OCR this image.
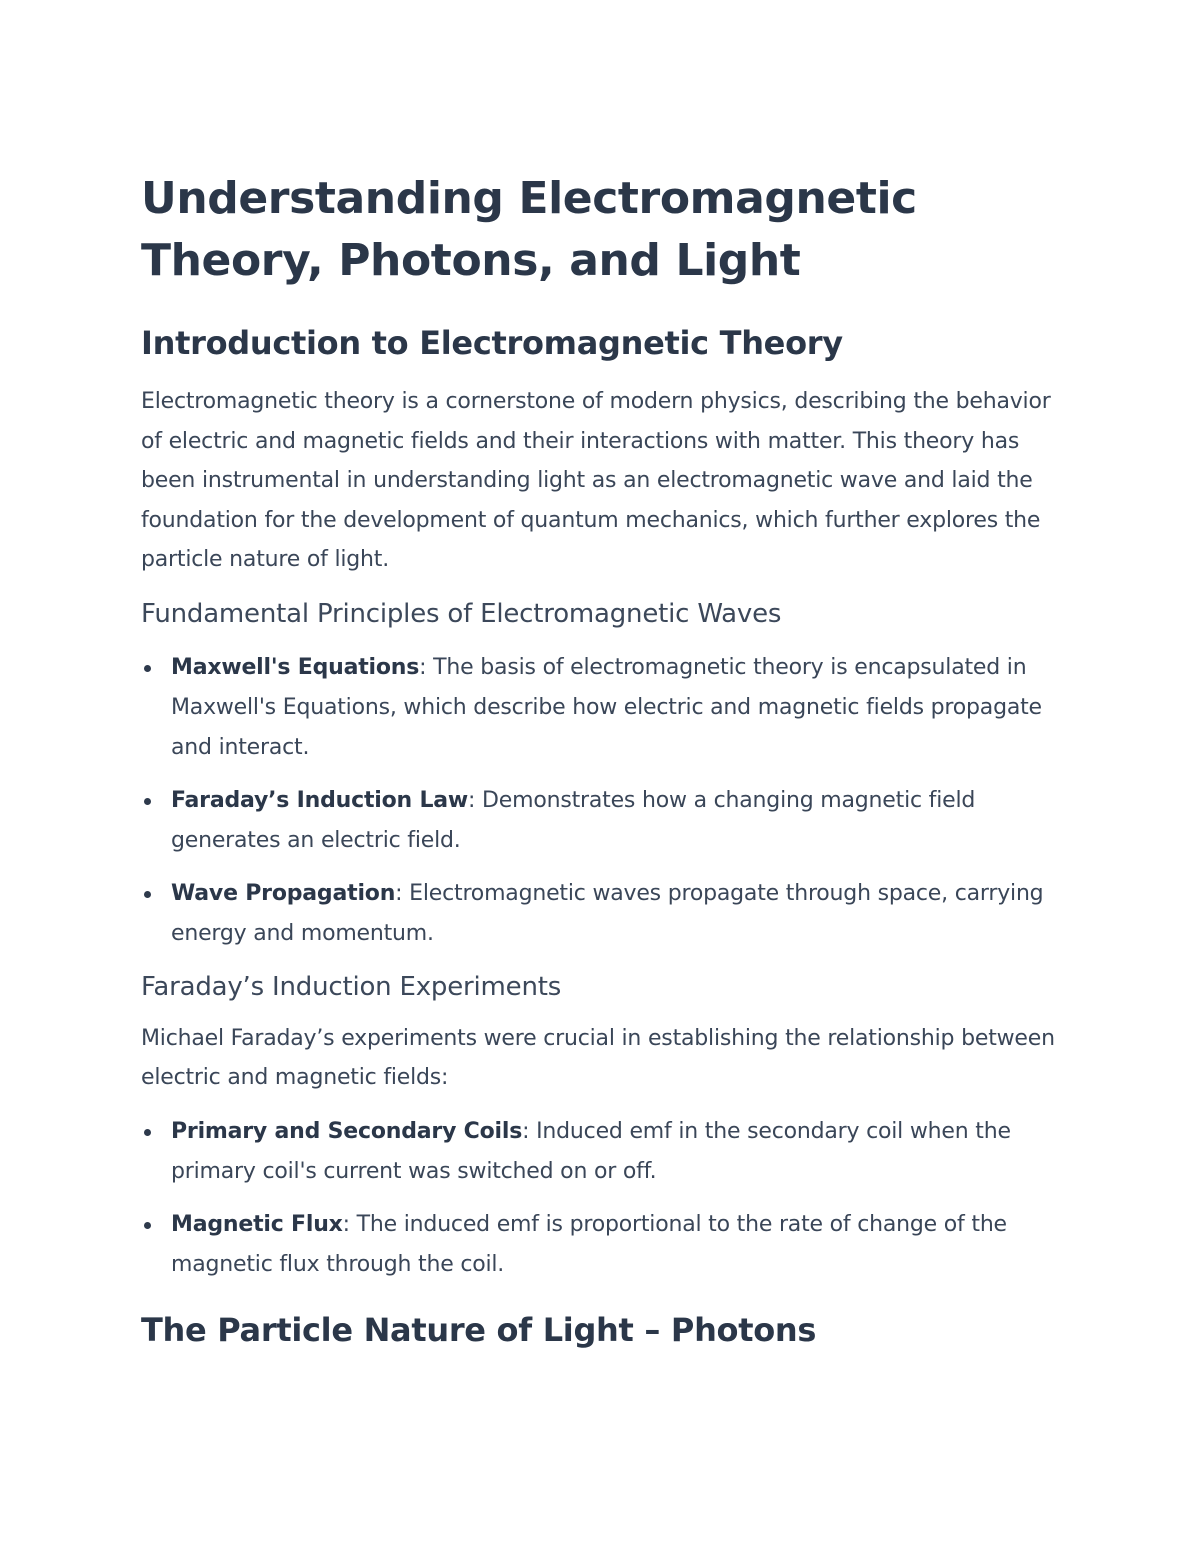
Understanding Electromagnetic Theory, Photons, and Light
Introduction to Electromagnetic Theory

Electromagnetic theory is a cornerstone of modern physics, describing the behavior of electric and magnetic fields and their interactions with matter. This theory has been instrumental in understanding light as an electromagnetic wave and laid the foundation for the development of quantum mechanics, which further explores the particle nature of light.

Fundamental Principles of Electromagnetic Waves
Maxwell's Equations: The basis of electromagnetic theory is encapsulated in Maxwell's Equations, which describe how electric and magnetic fields propagate and interact.
Faraday’s Induction Law: Demonstrates how a changing magnetic field generates an electric field.
Wave Propagation: Electromagnetic waves propagate through space, carrying energy and momentum.
Faraday’s Induction Experiments

Michael Faraday’s experiments were crucial in establishing the relationship between electric and magnetic fields:

Primary and Secondary Coils: Induced emf in the secondary coil when the primary coil's current was switched on or off.
Magnetic Flux: The induced emf is proportional to the rate of change of the magnetic flux through the coil.
The Particle Nature of Light – Photons
